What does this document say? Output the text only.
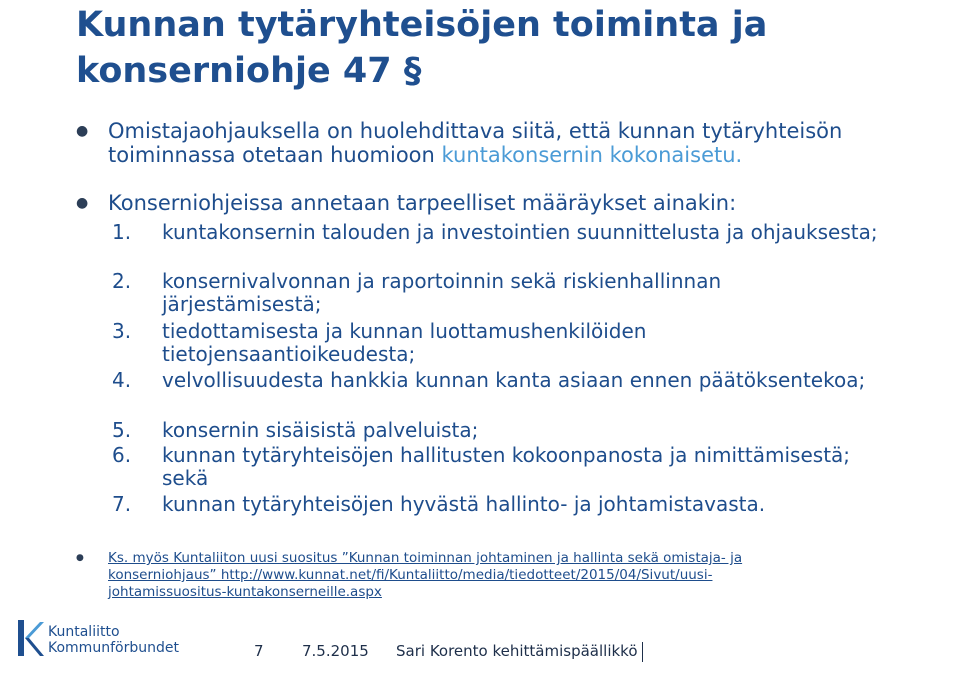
Kunnan tytäryhteisöjen toiminta ja konserniohje 47 §
● Omistajaohjauksella on huolehdittava siitä, että kunnan tytäryhteisön toiminnassa otetaan huomioon kuntakonsernin kokonaisetu.
● Konserniohjeissa annetaan tarpeelliset määräykset ainakin:
1. kuntakonsernin talouden ja investointien suunnittelusta ja ohjauksesta;
2. konsernivalvonnan ja raportoinnin sekä riskienhallinnan järjestämisestä;
3. tiedottamisesta ja kunnan luottamushenkilöiden tietojensaantioikeudesta;
4. velvollisuudesta hankkia kunnan kanta asiaan ennen päätöksentekoa;
5. konsernin sisäisistä palveluista;
6. kunnan tytäryhteisöjen hallitusten kokoonpanosta ja nimittämisestä; sekä
7. kunnan tytäryhteisöjen hyvästä hallinto- ja johtamistavasta.
● Ks. myös Kuntaliiton uusi suositus ”Kunnan toiminnan johtaminen ja hallinta sekä omistaja- ja konserniohjaus” http://www.kunnat.net/fi/Kuntaliitto/media/tiedotteet/2015/04/Sivut/uusi-johtamissuositus-kuntakonserneille.aspx
Kuntaliitto
Kommunförbundet	7	7.5.2015 Sari Korento kehittämispäällikkö
